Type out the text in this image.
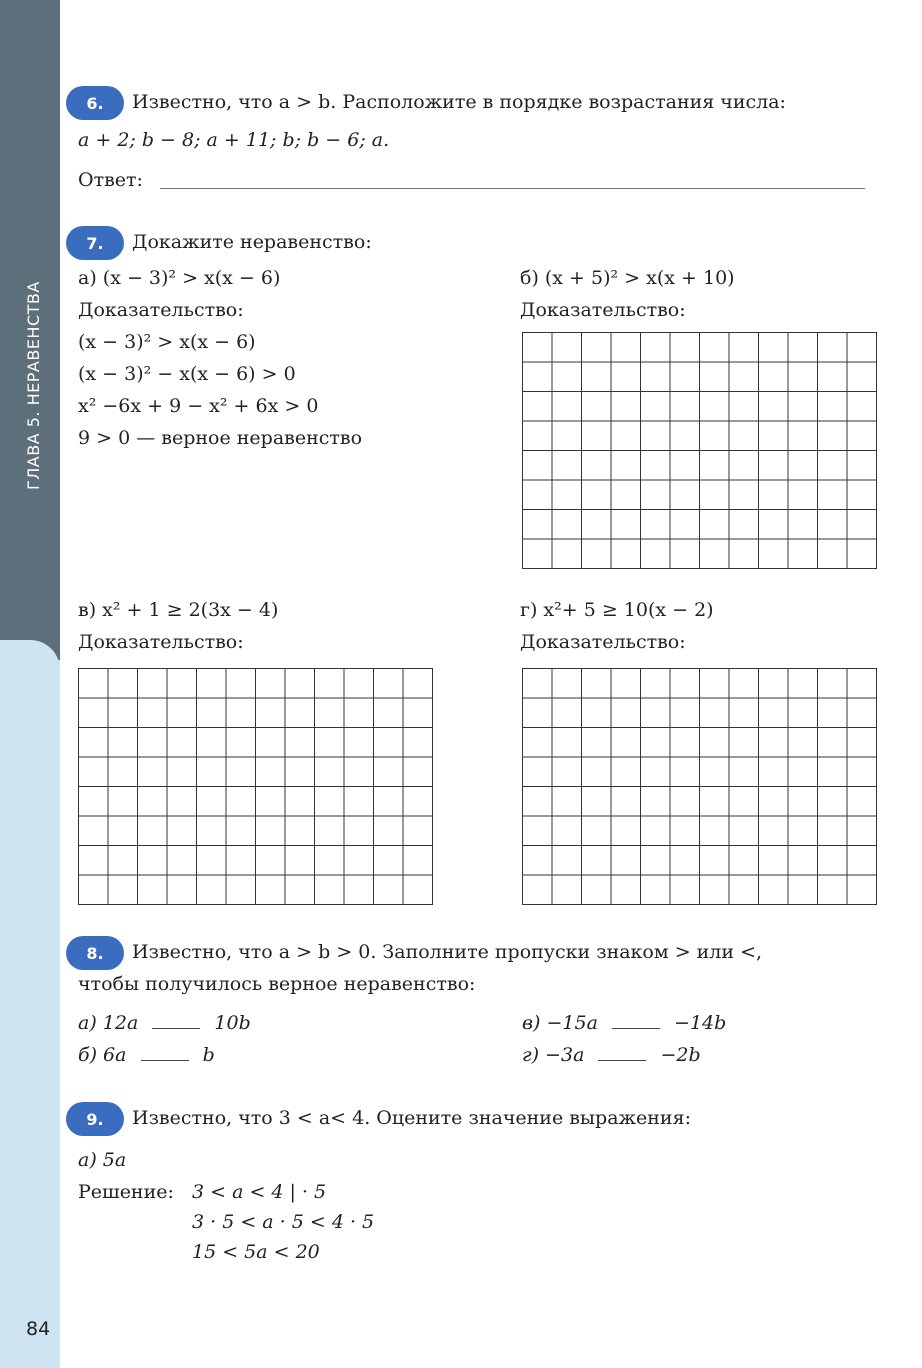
ГЛАВА 5. НЕРАВЕНСТВА
84
6.	Известно, что a > b. Расположите в порядке возрастания числа:
a + 2; b − 8; a + 11; b; b − 6; a.
Ответ:
7.	Докажите неравенство:
а) (x − 3)² > x(x − 6)
Доказательство:
(x − 3)² > x(x − 6)
(x − 3)² − x(x − 6) > 0
x² −6x + 9 − x² + 6x > 0
9 > 0 — верное неравенство
б) (x + 5)² > x(x + 10)
Доказательство:
в) x² + 1 ≥ 2(3x − 4)
Доказательство:
г) x²+ 5 ≥ 10(x − 2)
Доказательство:
8.	Известно, что a > b > 0. Заполните пропуски знаком > или <,
чтобы получилось верное неравенство:
а) 12a	10b
б) 6a	b
в) −15a	−14b
г) −3a	−2b
9.	Известно, что 3 < a< 4. Оцените значение выражения:
а) 5a
Решение: 3 < a < 4 | · 5
3 · 5 < a · 5 < 4 · 5
15 < 5a < 20
